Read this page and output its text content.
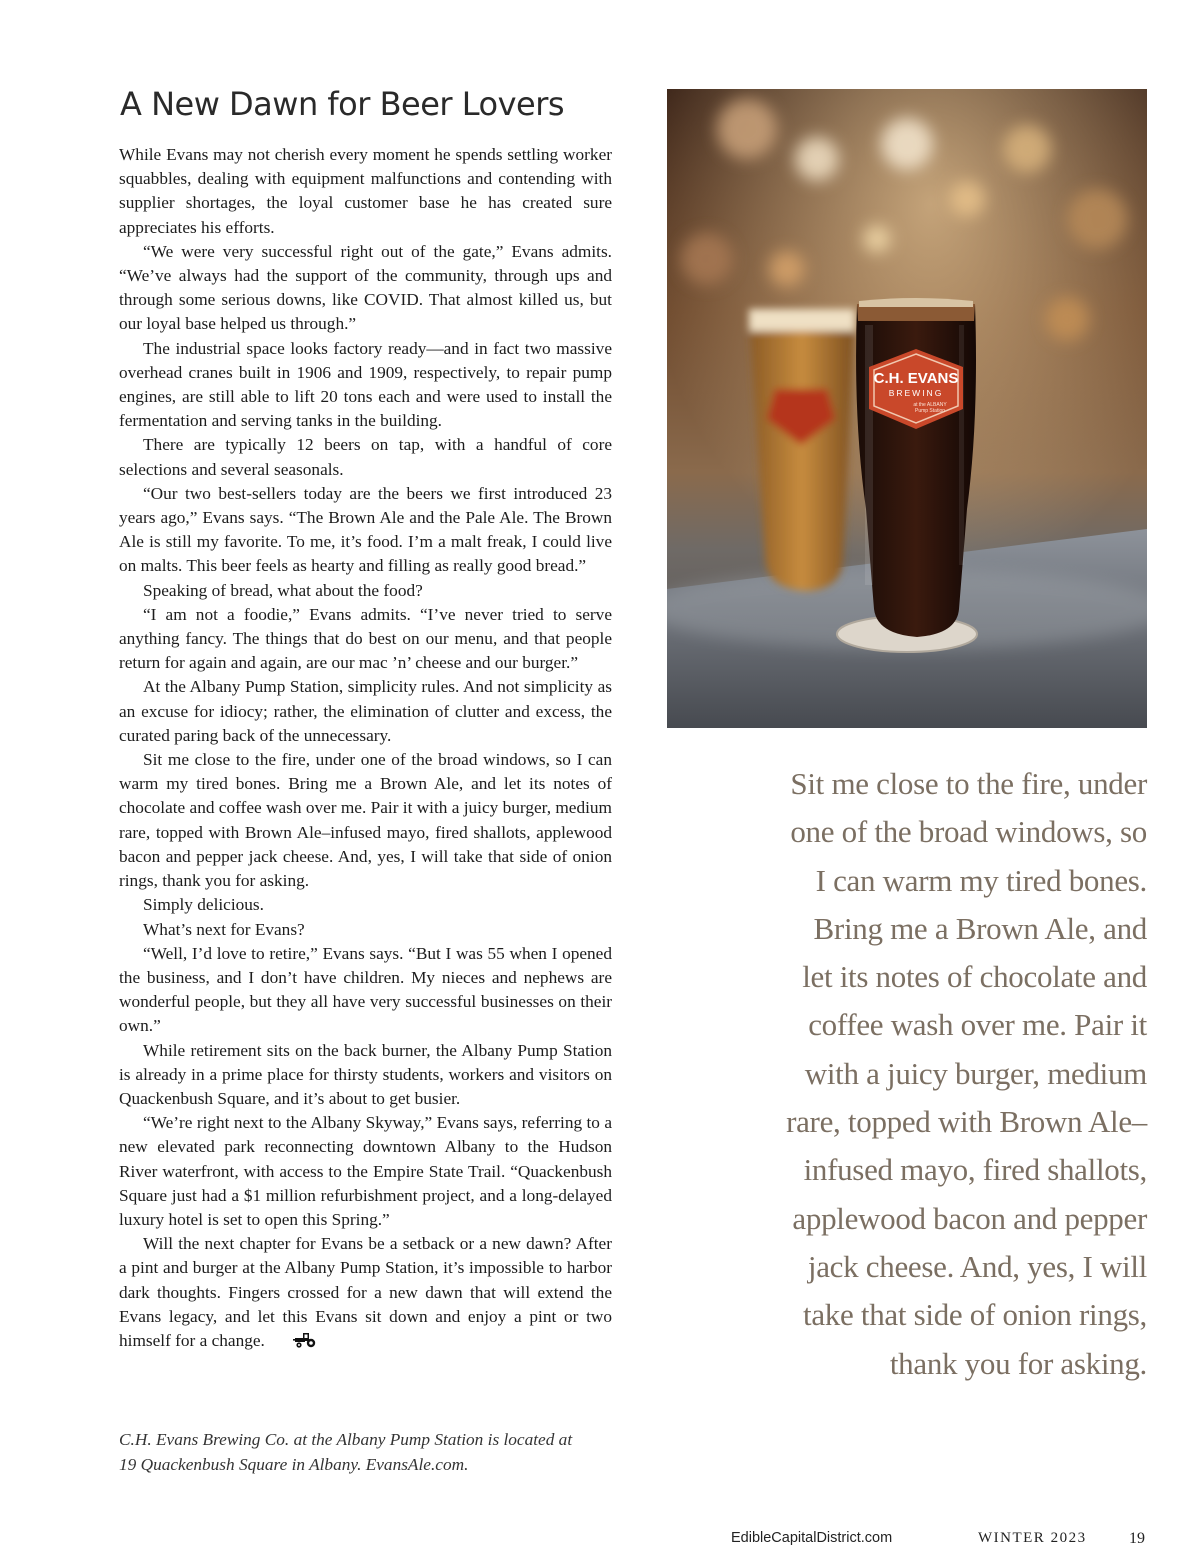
A New Dawn for Beer Lovers

While Evans may not cherish every moment he spends settling worker squabbles, dealing with equipment malfunctions and contending with supplier shortages, the loyal customer base he has created sure appreciates his efforts.

“We were very successful right out of the gate,” Evans admits. “We’ve always had the support of the community, through ups and through some serious downs, like COVID. That almost killed us, but our loyal base helped us through.”

The industrial space looks factory ready—and in fact two massive overhead cranes built in 1906 and 1909, respectively, to repair pump engines, are still able to lift 20 tons each and were used to install the fermentation and serving tanks in the building.

There are typically 12 beers on tap, with a handful of core selections and several seasonals.

“Our two best-sellers today are the beers we first introduced 23 years ago,” Evans says. “The Brown Ale and the Pale Ale. The Brown Ale is still my favorite. To me, it’s food. I’m a malt freak, I could live on malts. This beer feels as hearty and filling as really good bread.”

Speaking of bread, what about the food?

“I am not a foodie,” Evans admits. “I’ve never tried to serve anything fancy. The things that do best on our menu, and that people return for again and again, are our mac ’n’ cheese and our burger.”

At the Albany Pump Station, simplicity rules. And not simplicity as an excuse for idiocy; rather, the elimination of clutter and excess, the curated paring back of the unnecessary.

Sit me close to the fire, under one of the broad windows, so I can warm my tired bones. Bring me a Brown Ale, and let its notes of chocolate and coffee wash over me. Pair it with a juicy burger, medium rare, topped with Brown Ale–infused mayo, fired shallots, applewood bacon and pepper jack cheese. And, yes, I will take that side of onion rings, thank you for asking.

Simply delicious.

What’s next for Evans?

“Well, I’d love to retire,” Evans says. “But I was 55 when I opened the business, and I don’t have children. My nieces and nephews are wonderful people, but they all have very successful businesses on their own.”

While retirement sits on the back burner, the Albany Pump Station is already in a prime place for thirsty students, workers and visitors on Quackenbush Square, and it’s about to get busier.

“We’re right next to the Albany Skyway,” Evans says, referring to a new elevated park reconnecting downtown Albany to the Hudson River waterfront, with access to the Empire State Trail. “Quackenbush Square just had a $1 million refurbishment project, and a long-delayed luxury hotel is set to open this Spring.”

Will the next chapter for Evans be a setback or a new dawn? After a pint and burger at the Albany Pump Station, it’s impossible to harbor dark thoughts. Fingers crossed for a new dawn that will extend the Evans legacy, and let this Evans sit down and enjoy a pint or two himself for a change.

C.H. Evans Brewing Co. at the Albany Pump Station is located at

19 Quackenbush Square in Albany. EvansAle.com.

C.H. EVANS
BREWING
at the ALBANY
Pump Station

Sit me close to the fire, under

one of the broad windows, so

I can warm my tired bones.

Bring me a Brown Ale, and

let its notes of chocolate and

coffee wash over me. Pair it

with a juicy burger, medium

rare, topped with Brown Ale–

infused mayo, fired shallots,

applewood bacon and pepper

jack cheese. And, yes, I will

take that side of onion rings,

thank you for asking.

EdibleCapitalDistrict.com	WINTER 2023	19
